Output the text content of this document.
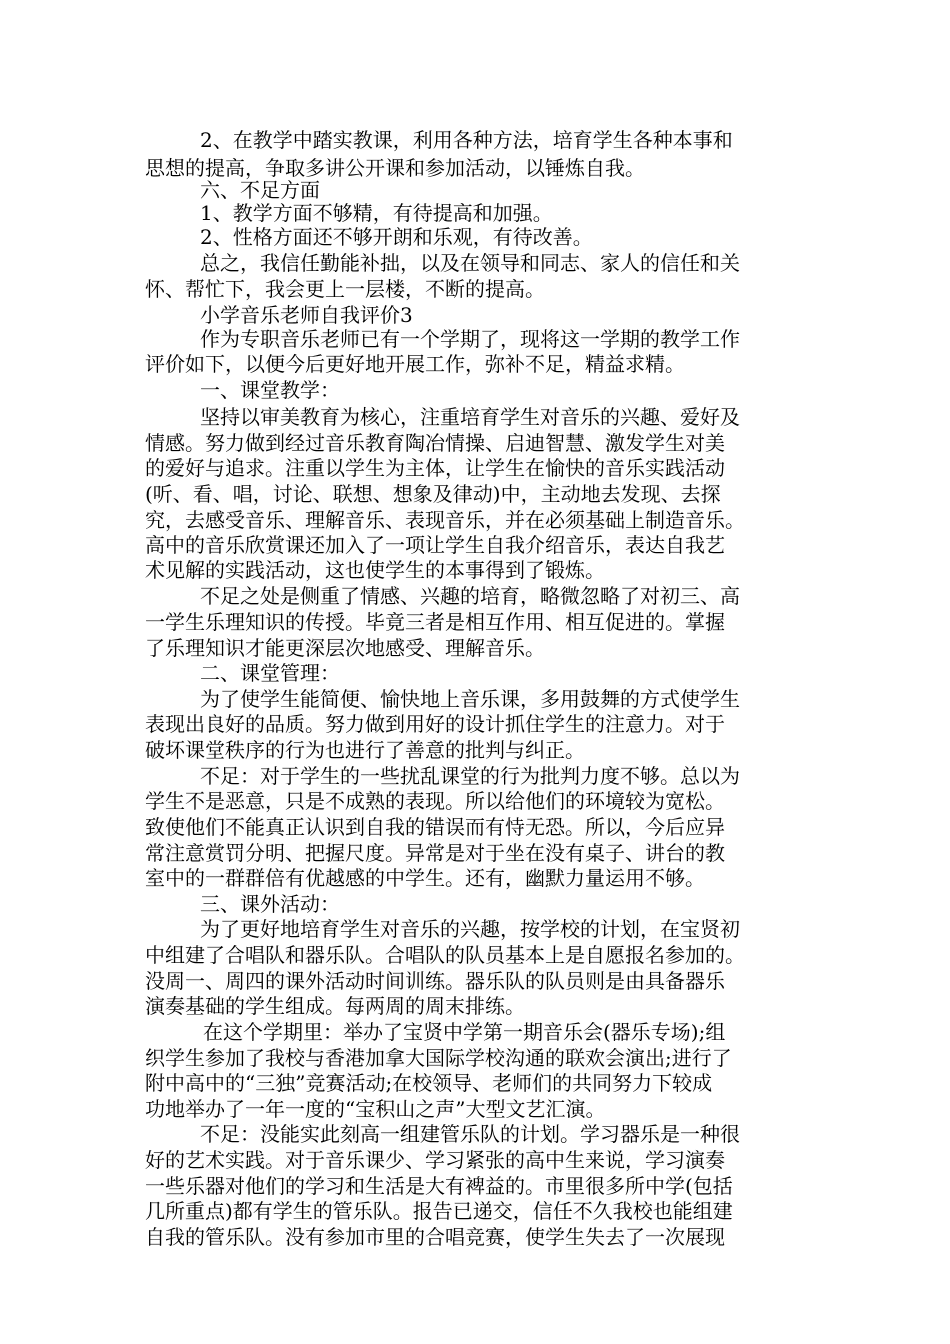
2、在教学中踏实教课，利用各种方法，培育学生各种本事和
思想的提高，争取多讲公开课和参加活动，以锤炼自我。
六、不足方面
1、教学方面不够精，有待提高和加强。
2、性格方面还不够开朗和乐观，有待改善。
总之，我信任勤能补拙，以及在领导和同志、家人的信任和关
怀、帮忙下，我会更上一层楼，不断的提高。
小学音乐老师自我评价3
作为专职音乐老师已有一个学期了，现将这一学期的教学工作
评价如下，以便今后更好地开展工作，弥补不足，精益求精。
一、课堂教学：
坚持以审美教育为核心，注重培育学生对音乐的兴趣、爱好及
情感。努力做到经过音乐教育陶冶情操、启迪智慧、激发学生对美
的爱好与追求。注重以学生为主体，让学生在愉快的音乐实践活动
(听、看、唱，讨论、联想、想象及律动)中，主动地去发现、去探
究，去感受音乐、理解音乐、表现音乐，并在必须基础上制造音乐。
高中的音乐欣赏课还加入了一项让学生自我介绍音乐，表达自我艺
术见解的实践活动，这也使学生的本事得到了锻炼。
不足之处是侧重了情感、兴趣的培育，略微忽略了对初三、高
一学生乐理知识的传授。毕竟三者是相互作用、相互促进的。掌握
了乐理知识才能更深层次地感受、理解音乐。
二、课堂管理：
为了使学生能简便、愉快地上音乐课，多用鼓舞的方式使学生
表现出良好的品质。努力做到用好的设计抓住学生的注意力。对于
破坏课堂秩序的行为也进行了善意的批判与纠正。
不足：对于学生的一些扰乱课堂的行为批判力度不够。总以为
学生不是恶意，只是不成熟的表现。所以给他们的环境较为宽松。
致使他们不能真正认识到自我的错误而有恃无恐。所以，今后应异
常注意赏罚分明、把握尺度。异常是对于坐在没有桌子、讲台的教
室中的一群群倍有优越感的中学生。还有，幽默力量运用不够。
三、课外活动：
为了更好地培育学生对音乐的兴趣，按学校的计划，在宝贤初
中组建了合唱队和器乐队。合唱队的队员基本上是自愿报名参加的。
没周一、周四的课外活动时间训练。器乐队的队员则是由具备器乐
演奏基础的学生组成。每两周的周末排练。
在这个学期里：举办了宝贤中学第一期音乐会(器乐专场);组
织学生参加了我校与香港加拿大国际学校沟通的联欢会演出;进行了
附中高中的“三独”竞赛活动;在校领导、老师们的共同努力下较成
功地举办了一年一度的“宝积山之声”大型文艺汇演。
不足：没能实此刻高一组建管乐队的计划。学习器乐是一种很
好的艺术实践。对于音乐课少、学习紧张的高中生来说，学习演奏
一些乐器对他们的学习和生活是大有裨益的。市里很多所中学(包括
几所重点)都有学生的管乐队。报告已递交，信任不久我校也能组建
自我的管乐队。没有参加市里的合唱竞赛，使学生失去了一次展现
